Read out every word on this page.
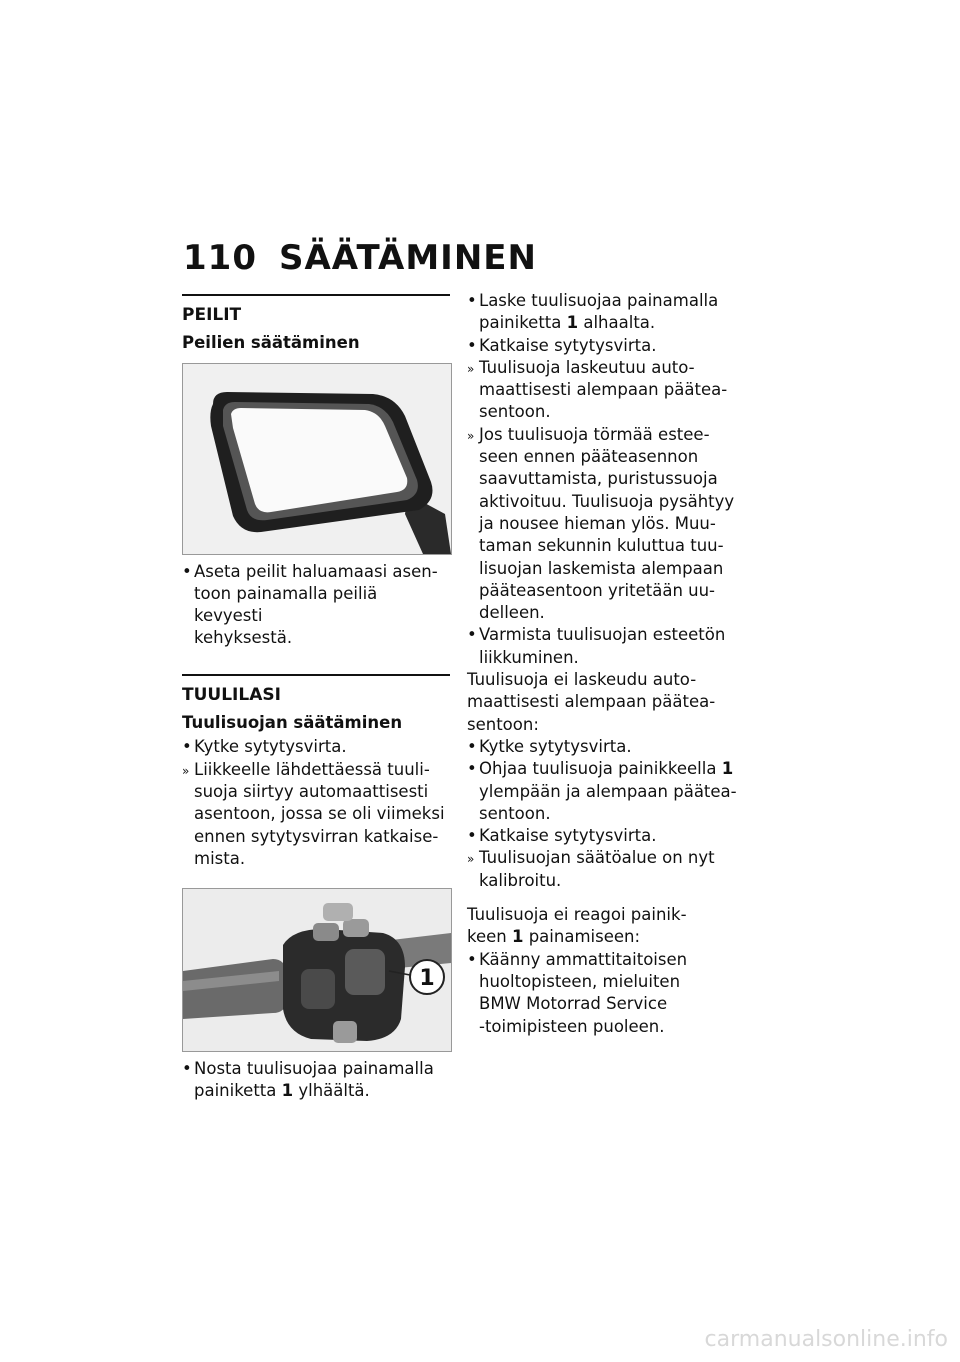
110 SÄÄTÄMINEN
PEILIT
Peilien säätäminen
• Aseta peilit haluamaasi asen-
toon painamalla peiliä kevyesti
kehyksestä.
TUULILASI
Tuulisuojan säätäminen
• Kytke sytytysvirta.
» Liikkeelle lähdettäessä tuuli-
suoja siirtyy automaattisesti
asentoon, jossa se oli viimeksi
ennen sytytysvirran katkaise-
mista.
1
• Nosta tuulisuojaa painamalla
painiketta 1 ylhäältä.
• Laske tuulisuojaa painamalla
painiketta 1 alhaalta.
• Katkaise sytytysvirta.
» Tuulisuoja laskeutuu auto-
maattisesti alempaan päätea-
sentoon.
» Jos tuulisuoja törmää estee-
seen ennen pääteasennon
saavuttamista, puristussuoja
aktivoituu. Tuulisuoja pysähtyy
ja nousee hieman ylös. Muu-
taman sekunnin kuluttua tuu-
lisuojan laskemista alempaan
pääteasentoon yritetään uu-
delleen.
• Varmista tuulisuojan esteetön
liikkuminen.
Tuulisuoja ei laskeudu auto-
maattisesti alempaan päätea-
sentoon:
• Kytke sytytysvirta.
• Ohjaa tuulisuoja painikkeella 1
ylempään ja alempaan päätea-
sentoon.
• Katkaise sytytysvirta.
» Tuulisuojan säätöalue on nyt
kalibroitu.
Tuulisuoja ei reagoi painik-
keen 1 painamiseen:
• Käänny ammattitaitoisen
huoltopisteen, mieluiten
BMW Motorrad Service
-toimipisteen puoleen.
carmanualsonline.info
